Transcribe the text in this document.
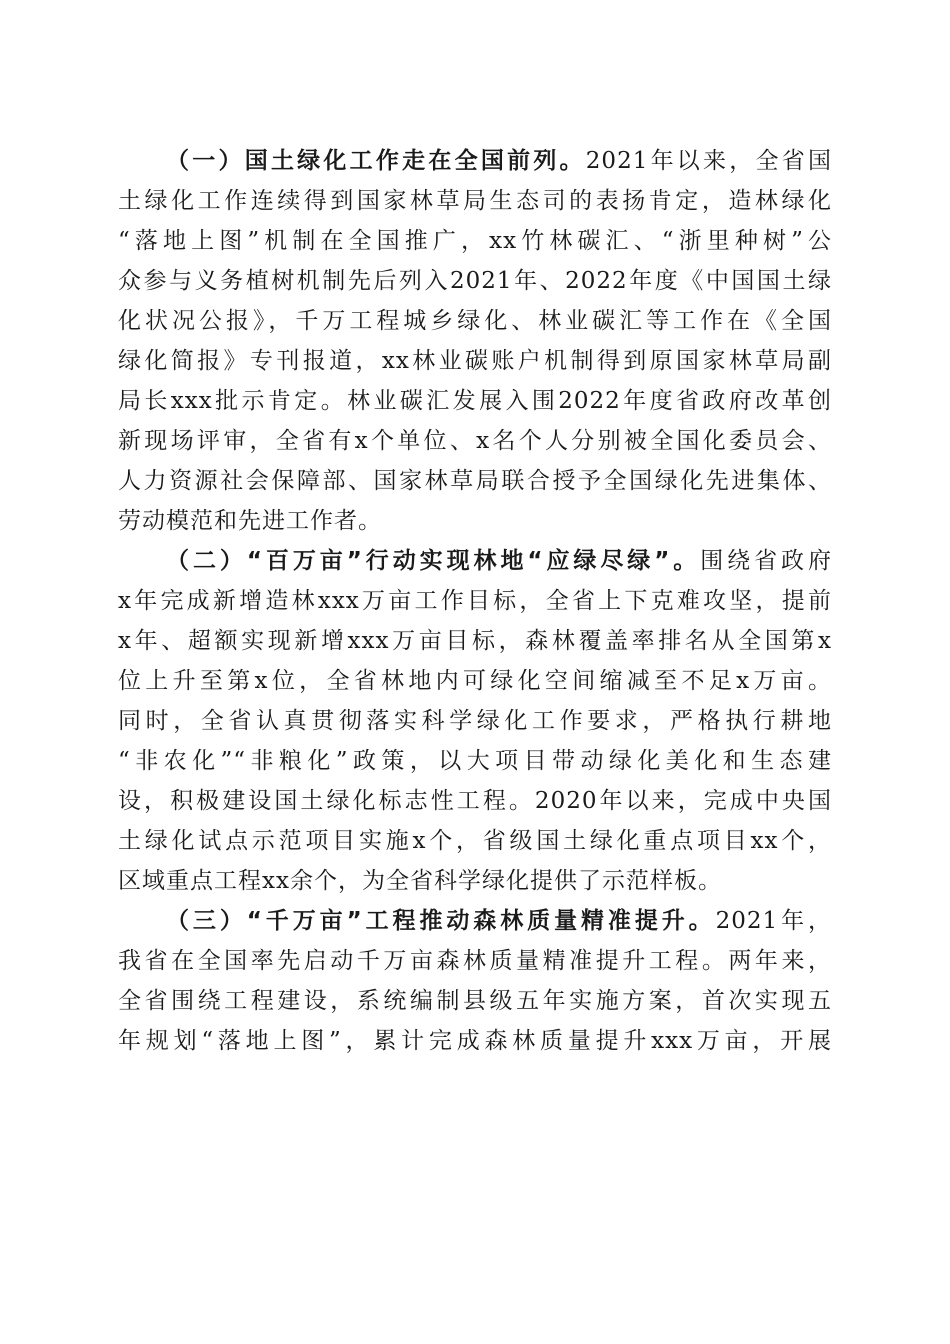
（一）国土绿化工作走在全国前列。2021年以来，全省国
土绿化工作连续得到国家林草局生态司的表扬肯定，造林绿化
“落地上图”机制在全国推广，xx竹林碳汇、“浙里种树”公
众参与义务植树机制先后列入2021年、2022年度《中国国土绿
化状况公报》，千万工程城乡绿化、林业碳汇等工作在《全国
绿化简报》专刊报道，xx林业碳账户机制得到原国家林草局副
局长xxx批示肯定。林业碳汇发展入围2022年度省政府改革创
新现场评审，全省有x个单位、x名个人分别被全国化委员会、
人力资源社会保障部、国家林草局联合授予全国绿化先进集体、
劳动模范和先进工作者。
（二）“百万亩”行动实现林地“应绿尽绿”。围绕省政府
x年完成新增造林xxx万亩工作目标，全省上下克难攻坚，提前
x年、超额实现新增xxx万亩目标，森林覆盖率排名从全国第x
位上升至第x位，全省林地内可绿化空间缩减至不足x万亩。
同时，全省认真贯彻落实科学绿化工作要求，严格执行耕地
“非农化”“非粮化”政策，以大项目带动绿化美化和生态建
设，积极建设国土绿化标志性工程。2020年以来，完成中央国
土绿化试点示范项目实施x个，省级国土绿化重点项目xx个，
区域重点工程xx余个，为全省科学绿化提供了示范样板。
（三）“千万亩”工程推动森林质量精准提升。2021年，
我省在全国率先启动千万亩森林质量精准提升工程。两年来，
全省围绕工程建设，系统编制县级五年实施方案，首次实现五
年规划“落地上图”，累计完成森林质量提升xxx万亩，开展
